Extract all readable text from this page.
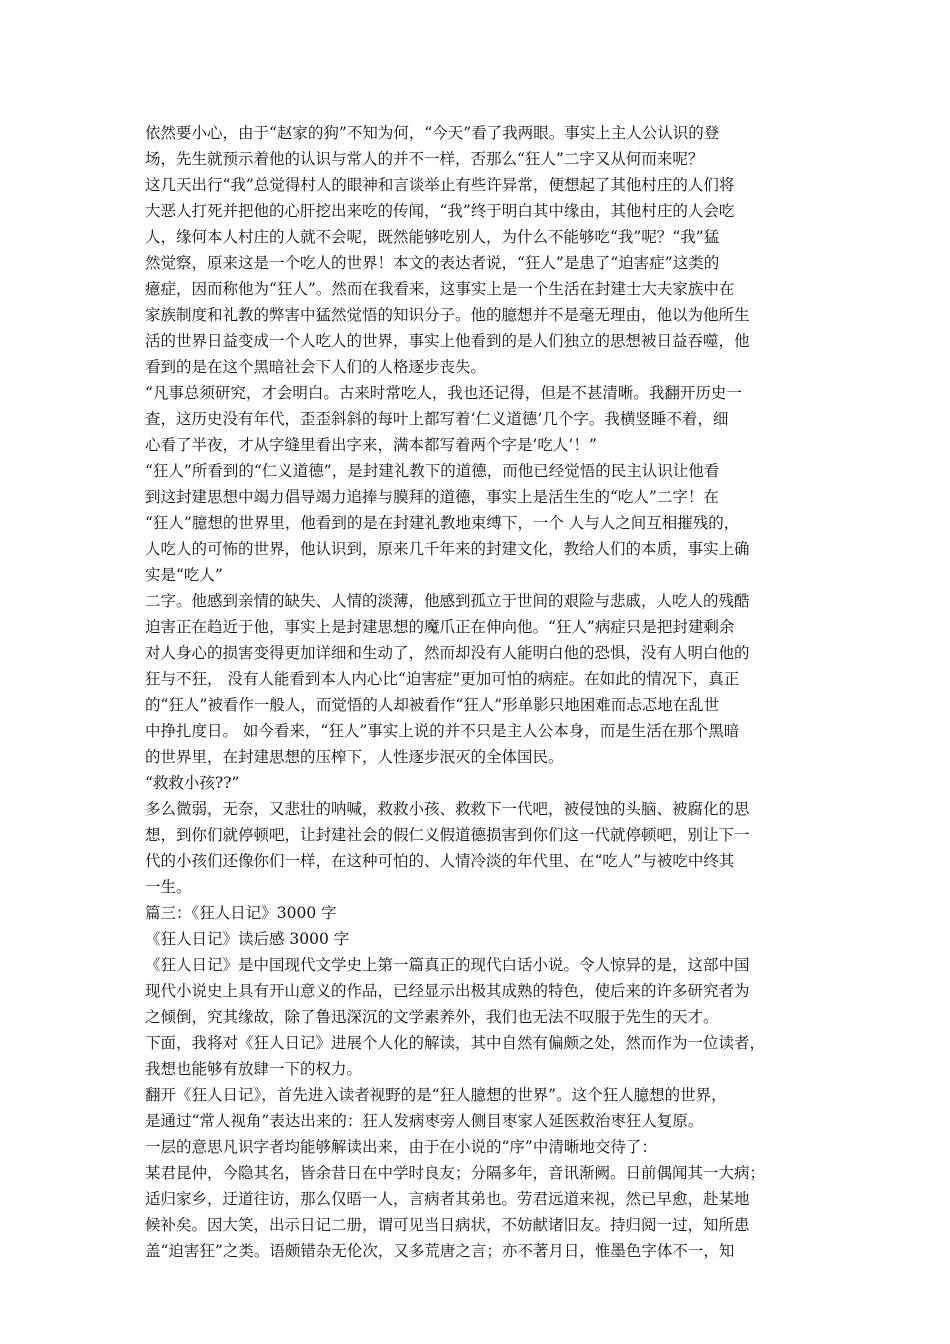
依然要小心，由于“赵家的狗”不知为何，“今天”看了我两眼。事实上主人公认识的登
场，先生就预示着他的认识与常人的并不一样，否那么“狂人”二字又从何而来呢？
这几天出行“我”总觉得村人的眼神和言谈举止有些许异常，便想起了其他村庄的人们将
大恶人打死并把他的心肝挖出来吃的传闻，“我”终于明白其中缘由，其他村庄的人会吃
人，缘何本人村庄的人就不会呢，既然能够吃别人，为什么不能够吃“我”呢？“我”猛
然觉察，原来这是一个吃人的世界！本文的表达者说，“狂人”是患了“迫害症”这类的
癔症，因而称他为“狂人”。然而在我看来，这事实上是一个生活在封建士大夫家族中在
家族制度和礼教的弊害中猛然觉悟的知识分子。他的臆想并不是毫无理由，他以为他所生
活的世界日益变成一个人吃人的世界，事实上他看到的是人们独立的思想被日益吞噬，他
看到的是在这个黑暗社会下人们的人格逐步丧失。
“凡事总须研究，才会明白。古来时常吃人，我也还记得，但是不甚清晰。我翻开历史一
查，这历史没有年代，歪歪斜斜的每叶上都写着‘仁义道德’几个字。我横竖睡不着，细
心看了半夜，才从字缝里看出字来，满本都写着两个字是’吃人’！”
“狂人”所看到的“仁义道德”，是封建礼教下的道德，而他已经觉悟的民主认识让他看
到这封建思想中竭力倡导竭力追捧与膜拜的道德，事实上是活生生的“吃人”二字！在
“狂人”臆想的世界里，他看到的是在封建礼教地束缚下，一个 人与人之间互相摧残的，
人吃人的可怖的世界，他认识到，原来几千年来的封建文化，教给人们的本质，事实上确
实是“吃人”
二字。他感到亲情的缺失、人情的淡薄，他感到孤立于世间的艰险与悲戚，人吃人的残酷
迫害正在趋近于他，事实上是封建思想的魔爪正在伸向他。“狂人”病症只是把封建剩余
对人身心的损害变得更加详细和生动了，然而却没有人能明白他的恐惧，没有人明白他的
狂与不狂， 没有人能看到本人内心比“迫害症”更加可怕的病症。在如此的情况下，真正
的“狂人”被看作一般人，而觉悟的人却被看作“狂人”形单影只地困难而忐忑地在乱世
中挣扎度日。 如今看来，“狂人”事实上说的并不只是主人公本身，而是生活在那个黑暗
的世界里，在封建思想的压榨下，人性逐步泯灭的全体国民。
“救救小孩??”
多么微弱，无奈，又悲壮的呐喊，救救小孩、救救下一代吧，被侵蚀的头脑、被腐化的思
想，到你们就停顿吧，让封建社会的假仁义假道德损害到你们这一代就停顿吧，别让下一
代的小孩们还像你们一样，在这种可怕的、人情冷淡的年代里、在“吃人”与被吃中终其
一生。
篇三：《狂人日记》3000 字
《狂人日记》读后感 3000 字
《狂人日记》是中国现代文学史上第一篇真正的现代白话小说。令人惊异的是，这部中国
现代小说史上具有开山意义的作品，已经显示出极其成熟的特色，使后来的许多研究者为
之倾倒，究其缘故，除了鲁迅深沉的文学素养外，我们也无法不叹服于先生的天才。
下面，我将对《狂人日记》进展个人化的解读，其中自然有偏颇之处，然而作为一位读者，
我想也能够有放肆一下的权力。
翻开《狂人日记》，首先进入读者视野的是“狂人臆想的世界”。这个狂人臆想的世界，
是通过“常人视角”表达出来的：狂人发病枣旁人侧目枣家人延医救治枣狂人复原。
一层的意思凡识字者均能够解读出来，由于在小说的“序”中清晰地交待了：
某君昆仲，今隐其名，皆余昔日在中学时良友；分隔多年，音讯渐阙。日前偶闻其一大病；
适归家乡，迂道往访，那么仅晤一人，言病者其弟也。劳君远道来视，然已早愈，赴某地
候补矣。因大笑，出示日记二册，谓可见当日病状，不妨献诸旧友。持归阅一过，知所患
盖“迫害狂”之类。语颇错杂无伦次，又多荒唐之言；亦不著月日，惟墨色字体不一，知
